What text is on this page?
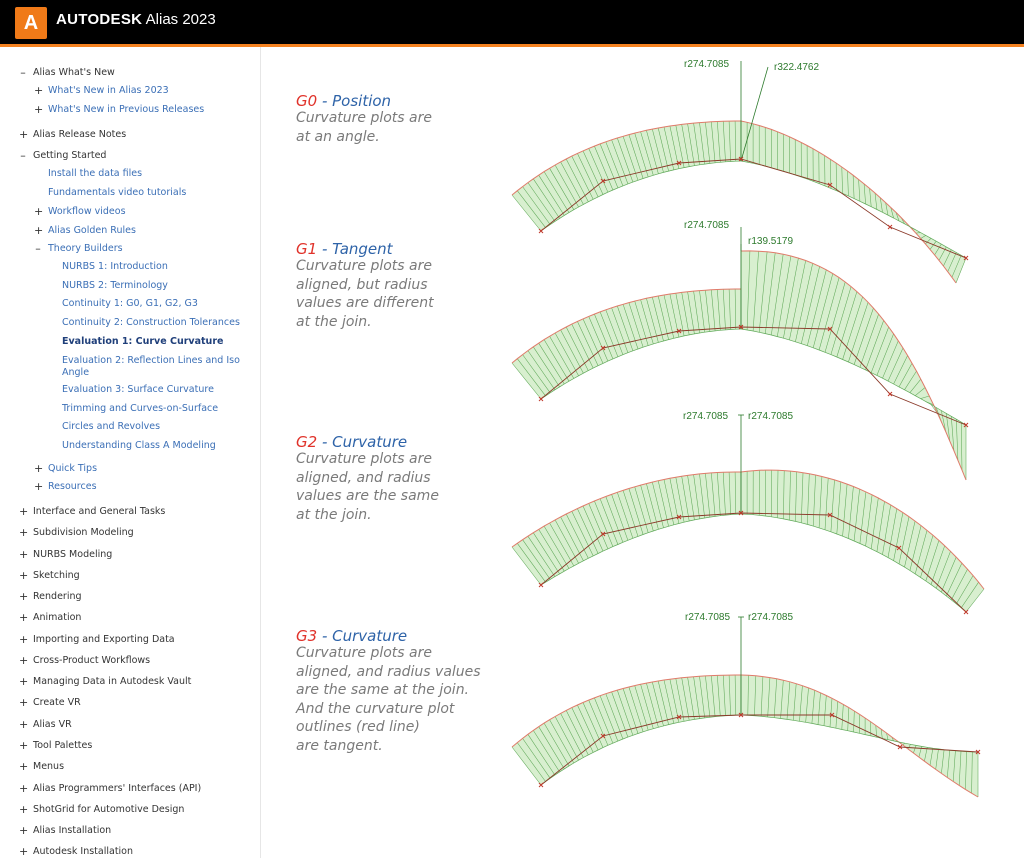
A	AUTODESK Alias 2023
– Alias What's New
+ What's New in Alias 2023
+ What's New in Previous Releases
+ Alias Release Notes
– Getting Started
Install the data files
Fundamentals video tutorials
+ Workflow videos
+ Alias Golden Rules
– Theory Builders
NURBS 1: Introduction
NURBS 2: Terminology
Continuity 1: G0, G1, G2, G3
Continuity 2: Construction Tolerances
Evaluation 1: Curve Curvature
Evaluation 2: Reflection Lines and Iso
Angle
Evaluation 3: Surface Curvature
Trimming and Curves-on-Surface
Circles and Revolves
Understanding Class A Modeling
+ Quick Tips
+ Resources
+ Interface and General Tasks
+ Subdivision Modeling
+ NURBS Modeling
+ Sketching
+ Rendering
+ Animation
+ Importing and Exporting Data
+ Cross-Product Workflows
+ Managing Data in Autodesk Vault
+ Create VR
+ Alias VR
+ Tool Palettes
+ Menus
+ Alias Programmers' Interfaces (API)
+ ShotGrid for Automotive Design
+ Alias Installation
+ Autodesk Installation
r274.7085	r322.4762
r274.7085
r139.5179
r274.7085 r274.7085
r274.7085 r274.7085
G0 - Position
Curvature plots are
at an angle.
G1 - Tangent
Curvature plots are
aligned, but radius
values are different
at the join.
G2 - Curvature
Curvature plots are
aligned, and radius
values are the same
at the join.
G3 - Curvature
Curvature plots are
aligned, and radius values
are the same at the join.
And the curvature plot
outlines (red line)
are tangent.
